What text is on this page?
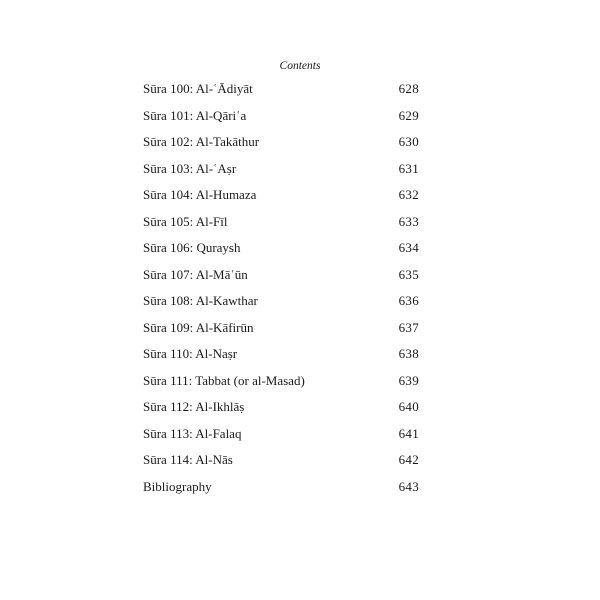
Contents
Sūra 100: Al-ʿĀdiyāt	628
Sūra 101: Al-Qāriʿa	629
Sūra 102: Al-Takāthur	630
Sūra 103: Al-ʿAṣr	631
Sūra 104: Al-Humaza	632
Sūra 105: Al-Fīl	633
Sūra 106: Quraysh	634
Sūra 107: Al-Māʿūn	635
Sūra 108: Al-Kawthar	636
Sūra 109: Al-Kāfirūn	637
Sūra 110: Al-Naṣr	638
Sūra 111: Tabbat (or al-Masad)	639
Sūra 112: Al-Ikhlāṣ	640
Sūra 113: Al-Falaq	641
Sūra 114: Al-Nās	642
Bibliography	643
